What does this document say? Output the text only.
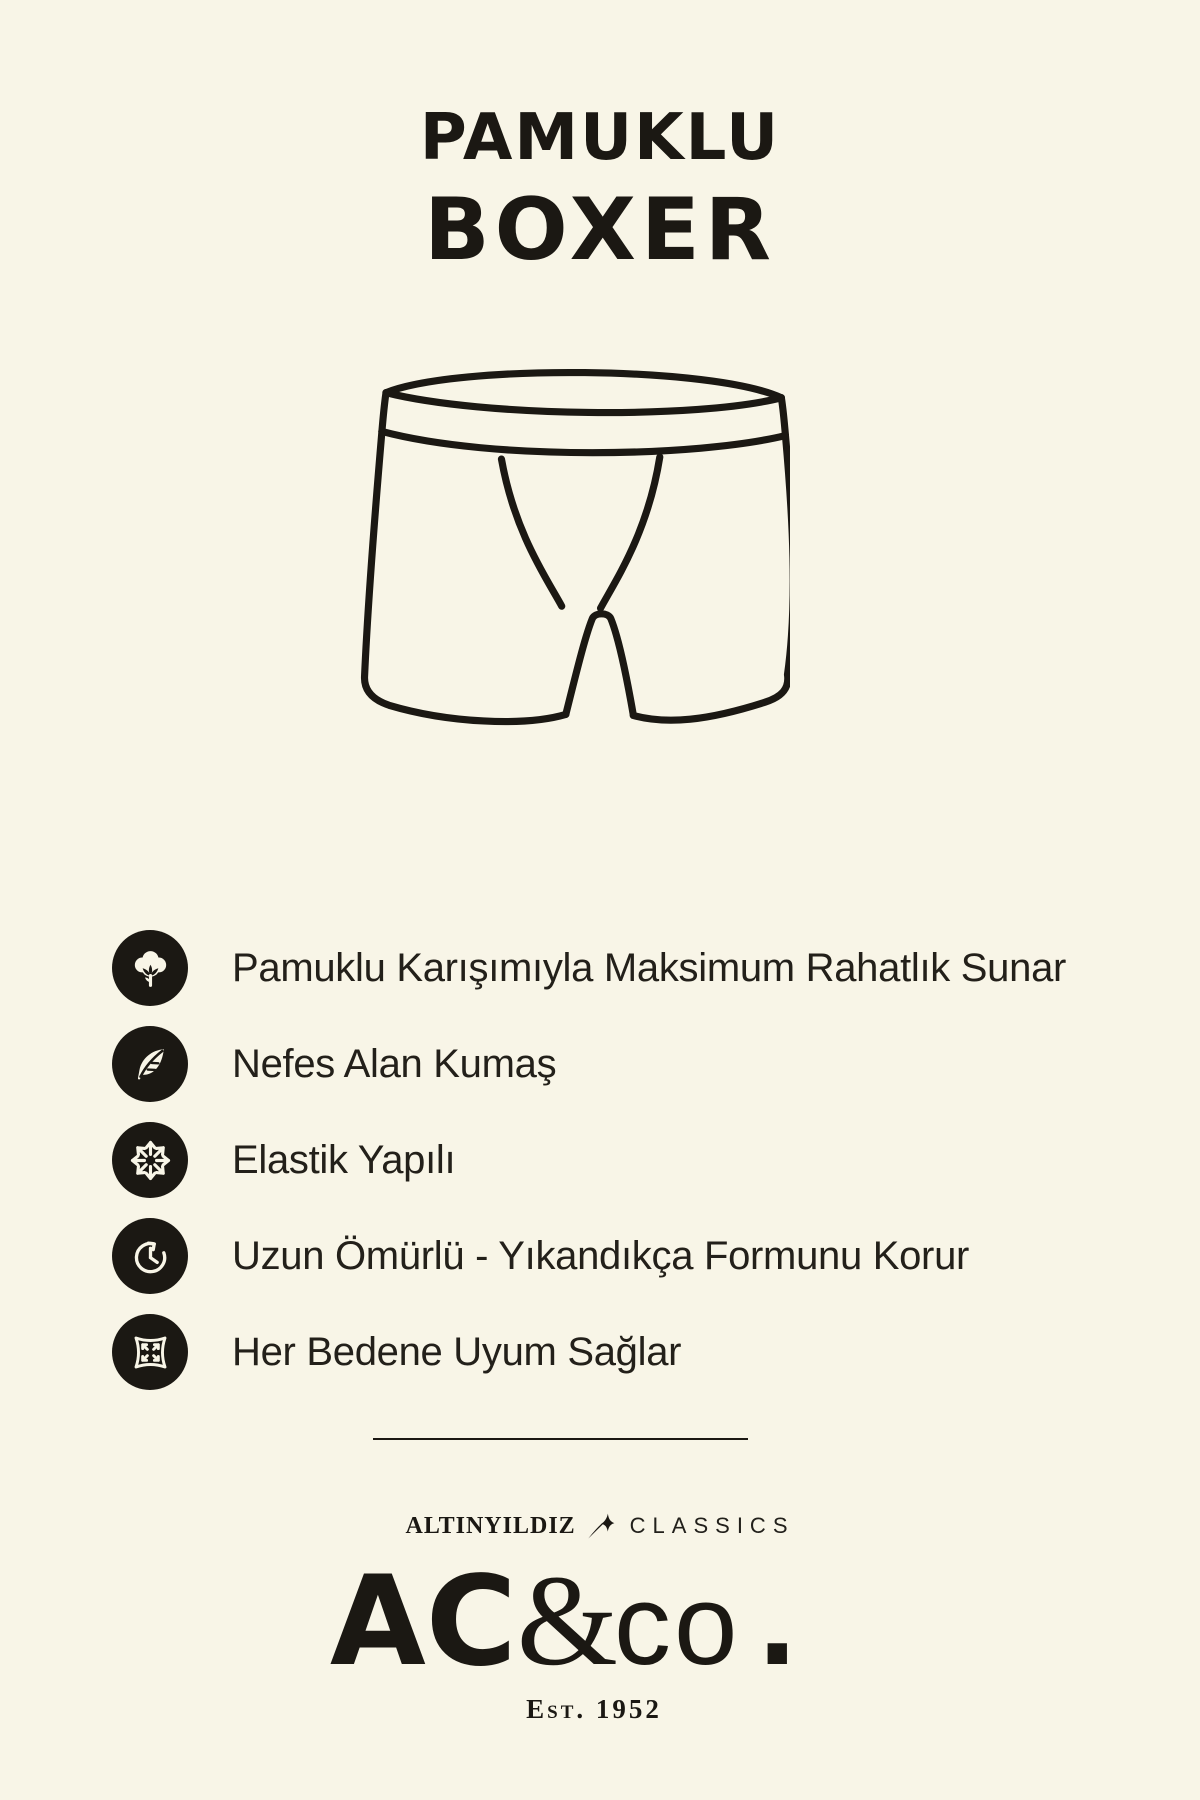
PAMUKLU
BOXER
Pamuklu Karışımıyla Maksimum Rahatlık Sunar
Nefes Alan Kumaş
Elastik Yapılı
Uzun Ömürlü - Yıkandıkça Formunu Korur
Her Bedene Uyum Sağlar
ALTINYILDIZ CLASSICS
AC&co .
Est. 1952
